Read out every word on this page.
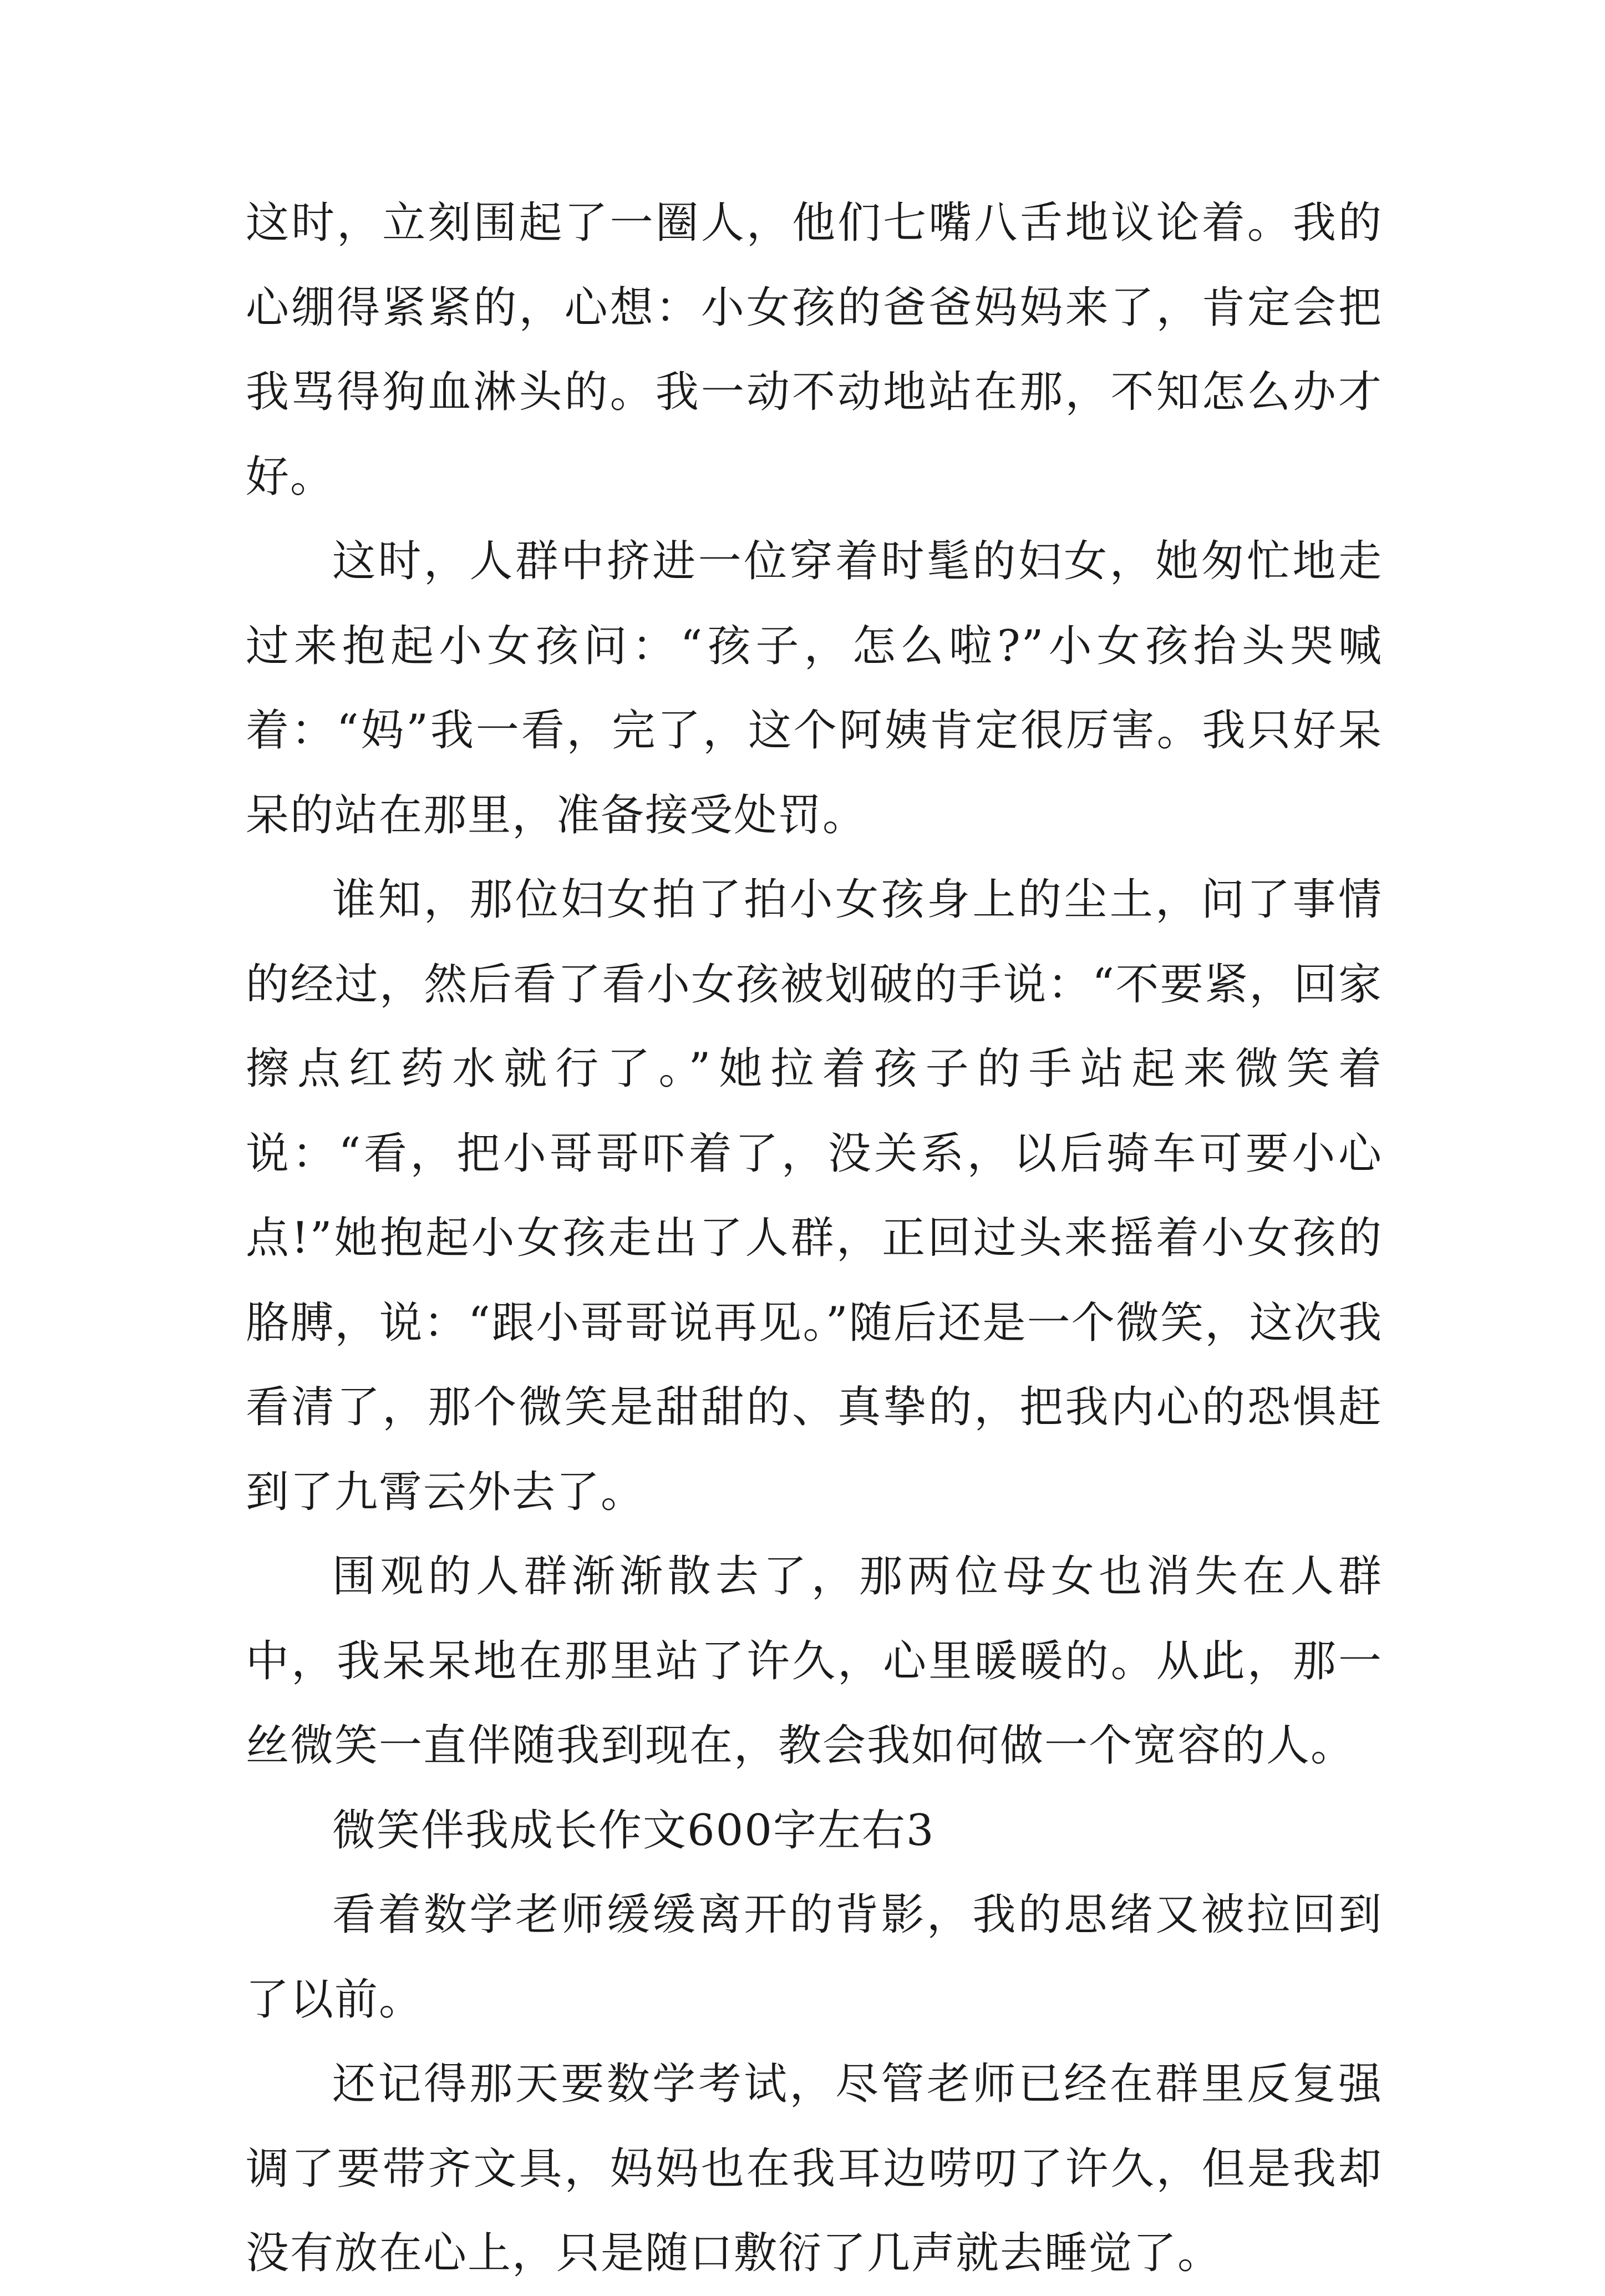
这时，立刻围起了一圈人，他们七嘴八舌地议论着。我的心绷得紧紧的，心想：小女孩的爸爸妈妈来了，肯定会把我骂得狗血淋头的。我一动不动地站在那，不知怎么办才好。

这时，人群中挤进一位穿着时髦的妇女，她匆忙地走过来抱起小女孩问：“孩子，怎么啦?”小女孩抬头哭喊着：“妈”我一看，完了，这个阿姨肯定很厉害。我只好呆呆的站在那里，准备接受处罚。

谁知，那位妇女拍了拍小女孩身上的尘土，问了事情的经过，然后看了看小女孩被划破的手说：“不要紧，回家擦点红药水就行了。”她拉着孩子的手站起来微笑着说：“看，把小哥哥吓着了，没关系，以后骑车可要小心点!”她抱起小女孩走出了人群，正回过头来摇着小女孩的胳膊，说：“跟小哥哥说再见。”随后还是一个微笑，这次我看清了，那个微笑是甜甜的、真挚的，把我内心的恐惧赶到了九霄云外去了。

围观的人群渐渐散去了，那两位母女也消失在人群中，我呆呆地在那里站了许久，心里暖暖的。从此，那一丝微笑一直伴随我到现在，教会我如何做一个宽容的人。

微笑伴我成长作文600字左右3

看着数学老师缓缓离开的背影，我的思绪又被拉回到了以前。

还记得那天要数学考试，尽管老师已经在群里反复强调了要带齐文具，妈妈也在我耳边唠叨了许久，但是我却没有放在心上，只是随口敷衍了几声就去睡觉了。
